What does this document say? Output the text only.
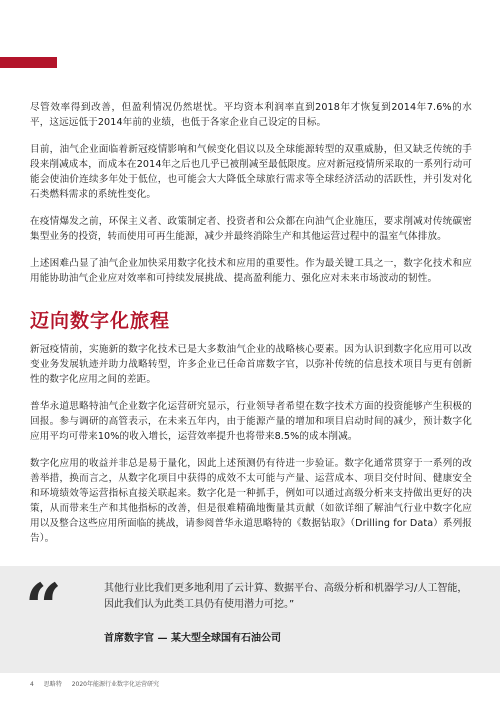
尽管效率得到改善，但盈利情况仍然堪忧。平均资本利润率直到2018年才恢复到2014年7.6%的水平，这远远低于2014年前的业绩，也低于各家企业自己设定的目标。

目前，油气企业面临着新冠疫情影响和气候变化倡议以及全球能源转型的双重威胁，但又缺乏传统的手段来削减成本，而成本在2014年之后也几乎已被削减至最低限度。应对新冠疫情所采取的一系列行动可能会使油价连续多年处于低位，也可能会大大降低全球旅行需求等全球经济活动的活跃性，并引发对化石类燃料需求的系统性变化。

在疫情爆发之前，环保主义者、政策制定者、投资者和公众都在向油气企业施压，要求削减对传统碳密集型业务的投资，转而使用可再生能源，减少并最终消除生产和其他运营过程中的温室气体排放。

上述困难凸显了油气企业加快采用数字化技术和应用的重要性。作为最关键工具之一，数字化技术和应用能协助油气企业应对效率和可持续发展挑战、提高盈利能力、强化应对未来市场波动的韧性。

迈向数字化旅程

新冠疫情前，实施新的数字化技术已是大多数油气企业的战略核心要素。因为认识到数字化应用可以改变业务发展轨迹并助力战略转型，许多企业已任命首席数字官，以弥补传统的信息技术项目与更有创新性的数字化应用之间的差距。

普华永道思略特油气企业数字化运营研究显示，行业领导者希望在数字技术方面的投资能够产生积极的回报。参与调研的高管表示，在未来五年内，由于能源产量的增加和项目启动时间的减少，预计数字化应用平均可带来10%的收入增长，运营效率提升也将带来8.5%的成本削减。

数字化应用的收益并非总是易于量化，因此上述预测仍有待进一步验证。数字化通常贯穿于一系列的改善举措，换而言之，从数字化项目中获得的成效不太可能与产量、运营成本、项目交付时间、健康安全和环境绩效等运营指标直接关联起来。数字化是一种抓手，例如可以通过高级分析来支持做出更好的决策，从而带来生产和其他指标的改善，但是很难精确地衡量其贡献（如欲详细了解油气行业中数字化应用以及整合这些应用所面临的挑战，请参阅普华永道思略特的《数据钻取》（Drilling for Data）系列报告）。

“	其他行业比我们更多地利用了云计算、数据平台、高级分析和机器学习/人工智能，因此我们认为此类工具仍有使用潜力可挖。”

首席数字官 — 某大型全球国有石油公司

4 思略特 2020年能源行业数字化运营研究
